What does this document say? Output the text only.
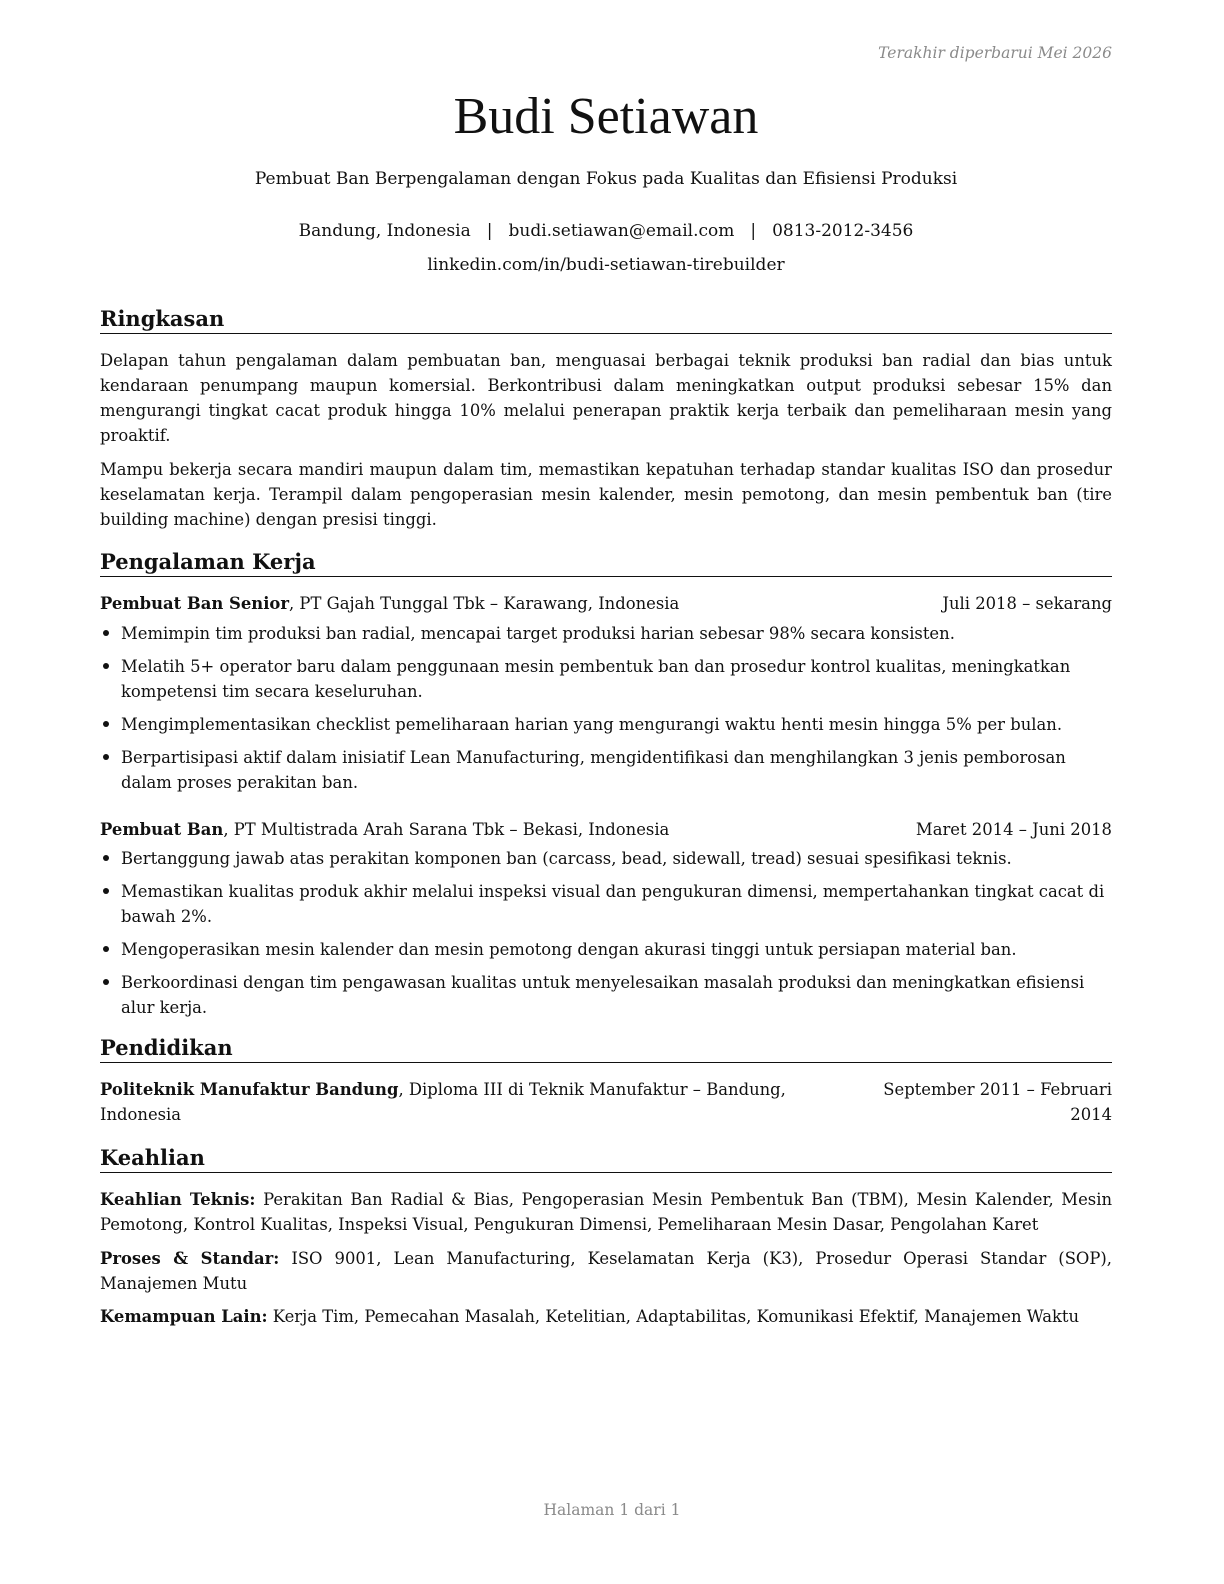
Terakhir diperbarui Mei 2026
Budi Setiawan
Pembuat Ban Berpengalaman dengan Fokus pada Kualitas dan Efisiensi Produksi
Bandung, Indonesia | budi.setiawan@email.com | 0813-2012-3456
linkedin.com/in/budi-setiawan-tirebuilder
Ringkasan

Delapan tahun pengalaman dalam pembuatan ban, menguasai berbagai teknik produksi ban radial dan bias untuk kendaraan penumpang maupun komersial. Berkontribusi dalam meningkatkan output produksi sebesar 15% dan mengurangi tingkat cacat produk hingga 10% melalui penerapan praktik kerja terbaik dan pemeliharaan mesin yang proaktif.

Mampu bekerja secara mandiri maupun dalam tim, memastikan kepatuhan terhadap standar kualitas ISO dan prosedur keselamatan kerja. Terampil dalam pengoperasian mesin kalender, mesin pemotong, dan mesin pembentuk ban (tire building machine) dengan presisi tinggi.

Pengalaman Kerja
Pembuat Ban Senior, PT Gajah Tunggal Tbk – Karawang, Indonesia	Juli 2018 – sekarang
Memimpin tim produksi ban radial, mencapai target produksi harian sebesar 98% secara konsisten.
Melatih 5+ operator baru dalam penggunaan mesin pembentuk ban dan prosedur kontrol kualitas, meningkatkan kompetensi tim secara keseluruhan.
Mengimplementasikan checklist pemeliharaan harian yang mengurangi waktu henti mesin hingga 5% per bulan.
Berpartisipasi aktif dalam inisiatif Lean Manufacturing, mengidentifikasi dan menghilangkan 3 jenis pemborosan dalam proses perakitan ban.
Pembuat Ban, PT Multistrada Arah Sarana Tbk – Bekasi, Indonesia	Maret 2014 – Juni 2018
Bertanggung jawab atas perakitan komponen ban (carcass, bead, sidewall, tread) sesuai spesifikasi teknis.
Memastikan kualitas produk akhir melalui inspeksi visual dan pengukuran dimensi, mempertahankan tingkat cacat di bawah 2%.
Mengoperasikan mesin kalender dan mesin pemotong dengan akurasi tinggi untuk persiapan material ban.
Berkoordinasi dengan tim pengawasan kualitas untuk menyelesaikan masalah produksi dan meningkatkan efisiensi alur kerja.
Pendidikan
September 2011 – Februari 2014
Politeknik Manufaktur Bandung, Diploma III di Teknik Manufaktur – Bandung, Indonesia
Keahlian
Keahlian Teknis: Perakitan Ban Radial & Bias, Pengoperasian Mesin Pembentuk Ban (TBM), Mesin Kalender, Mesin Pemotong, Kontrol Kualitas, Inspeksi Visual, Pengukuran Dimensi, Pemeliharaan Mesin Dasar, Pengolahan Karet
Proses & Standar: ISO 9001, Lean Manufacturing, Keselamatan Kerja (K3), Prosedur Operasi Standar (SOP), Manajemen Mutu
Kemampuan Lain: Kerja Tim, Pemecahan Masalah, Ketelitian, Adaptabilitas, Komunikasi Efektif, Manajemen Waktu
Halaman 1 dari 1
